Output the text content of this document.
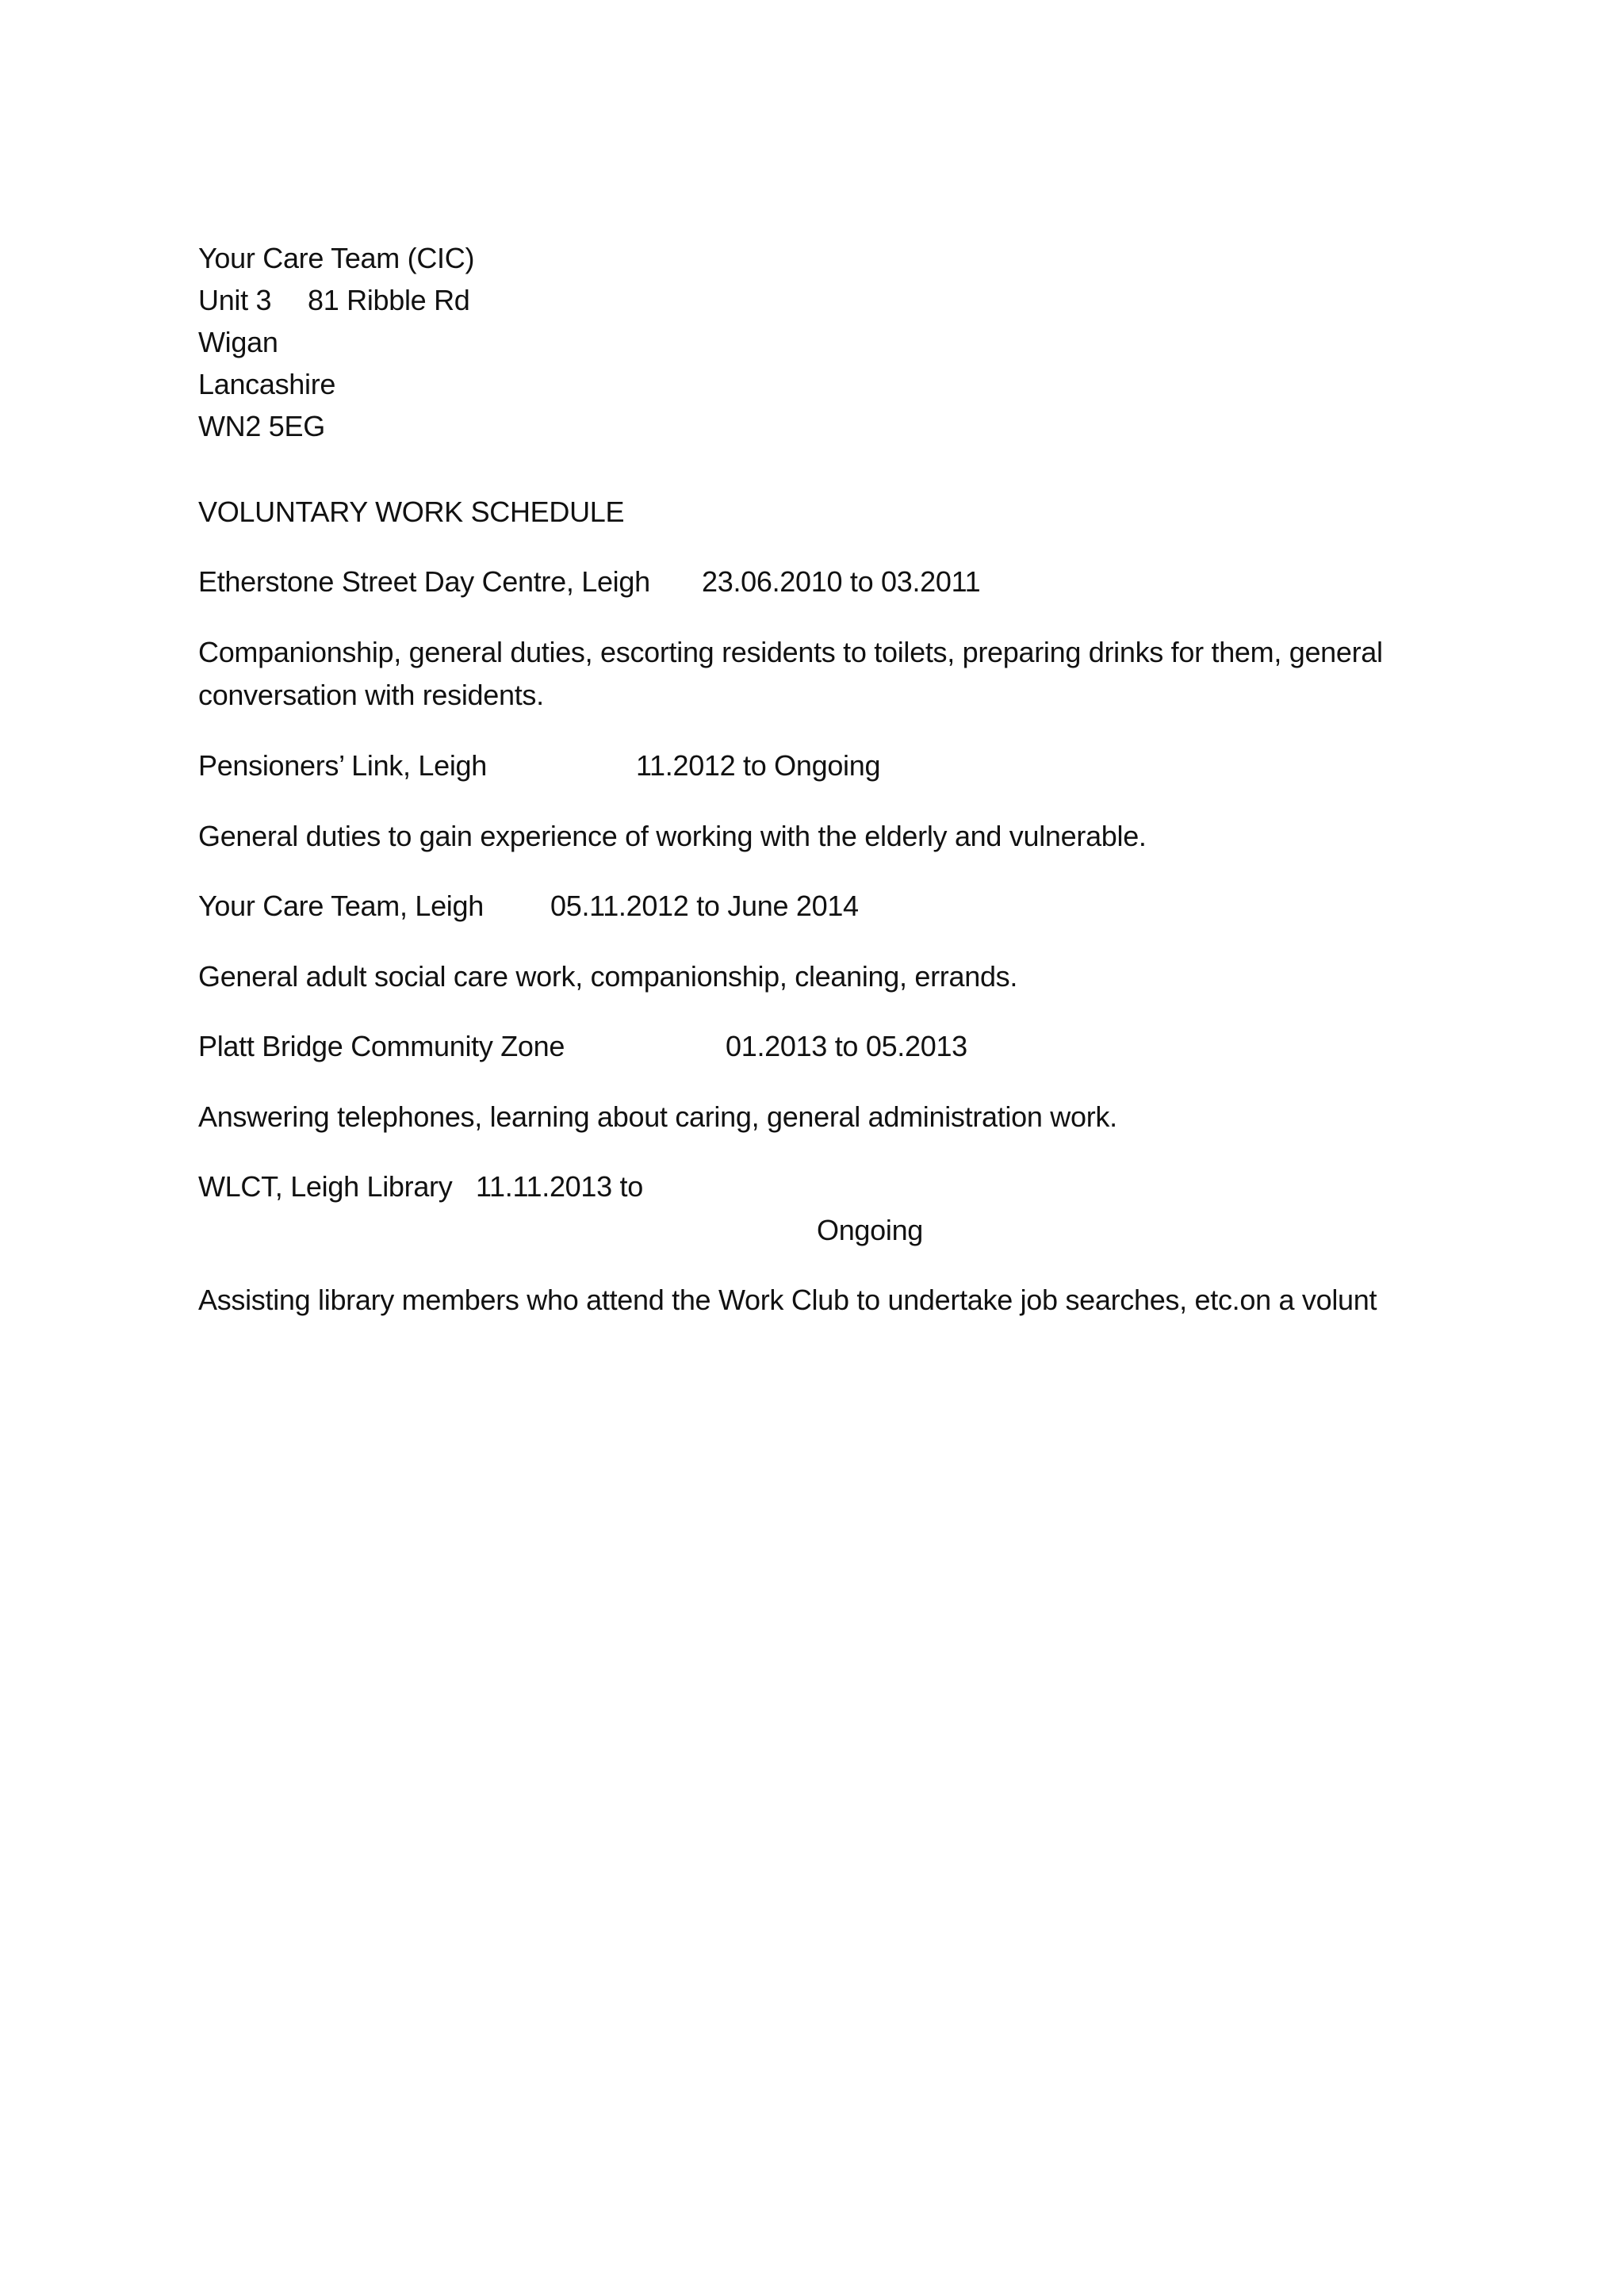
Your Care Team (CIC)
Unit 3 81 Ribble Rd
Wigan
Lancashire
WN2 5EG
VOLUNTARY WORK SCHEDULE
Etherstone Street Day Centre, Leigh 23.06.2010 to 03.2011
Companionship, general duties, escorting residents to toilets, preparing drinks for them, general conversation with residents.
Pensioners’ Link, Leigh	11.2012 to Ongoing
General duties to gain experience of working with the elderly and vulnerable.
Your Care Team, Leigh 05.11.2012 to June 2014
General adult social care work, companionship, cleaning, errands.
Platt Bridge Community Zone	01.2013 to 05.2013
Answering telephones, learning about caring, general administration work.
WLCT, Leigh Library 11.11.2013 to
Ongoing
Assisting library members who attend the Work Club to undertake job searches, etc.on a volunt
